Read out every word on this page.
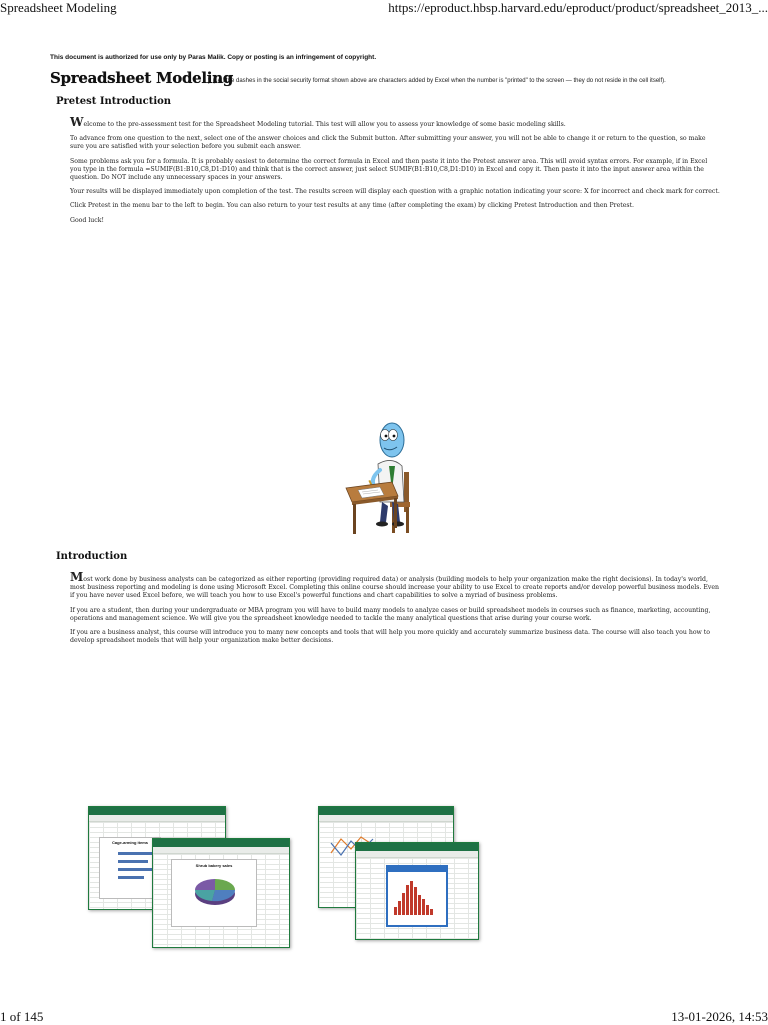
Spreadsheet Modeling	https://eproduct.hbsp.harvard.edu/eproduct/product/spreadsheet_2013_...
This document is authorized for use only by Paras Malik. Copy or posting is an infringement of copyright.
y (i.e., the dashes in the social security format shown above are characters added by Excel when the number is "printed" to the screen — they do not reside in the cell itself).
Spreadsheet Modeling
Pretest Introduction

Welcome to the pre-assessment test for the Spreadsheet Modeling tutorial. This test will allow you to assess your knowledge of some basic modeling skills.

To advance from one question to the next, select one of the answer choices and click the Submit button. After submitting your answer, you will not be able to change it or return to the question, so make sure you are satisfied with your selection before you submit each answer.

Some problems ask you for a formula. It is probably easiest to determine the correct formula in Excel and then paste it into the Pretest answer area. This will avoid syntax errors. For example, if in Excel you type in the formula =SUMIF(B1:B10,C8,D1:D10) and think that is the correct answer, just select SUMIF(B1:B10,C8,D1:D10) in Excel and copy it. Then paste it into the input answer area within the question. Do NOT include any unnecessary spaces in your answers.

Your results will be displayed immediately upon completion of the test. The results screen will display each question with a graphic notation indicating your score: X for incorrect and check mark for correct.

Click Pretest in the menu bar to the left to begin. You can also return to your test results at any time (after completing the exam) by clicking Pretest Introduction and then Pretest.

Good luck!

Introduction

Most work done by business analysts can be categorized as either reporting (providing required data) or analysis (building models to help your organization make the right decisions). In today's world, most business reporting and modeling is done using Microsoft Excel. Completing this online course should increase your ability to use Excel to create reports and/or develop powerful business models. Even if you have never used Excel before, we will teach you how to use Excel's powerful functions and chart capabilities to solve a myriad of business problems.

If you are a student, then during your undergraduate or MBA program you will have to build many models to analyze cases or build spreadsheet models in courses such as finance, marketing, accounting, operations and management science. We will give you the spreadsheet knowledge needed to tackle the many analytical questions that arise during your course work.

If you are a business analyst, this course will introduce you to many new concepts and tools that will help you more quickly and accurately summarize business data. The course will also teach you how to develop spreadsheet models that will help your organization make better decisions.

Cage-arming items
Shrub bakery sales
1 of 145	13-01-2026, 14:53
